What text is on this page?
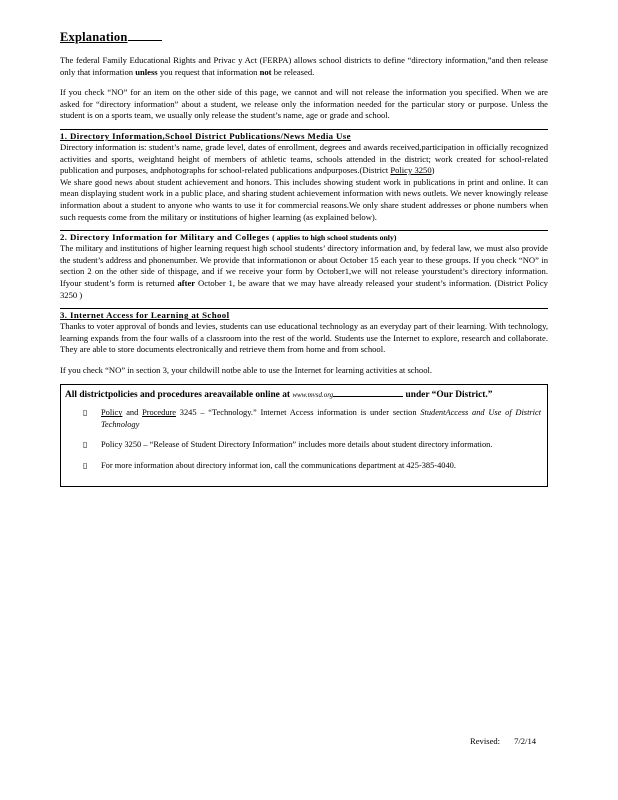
Explanation

The federal Family Educational Rights and Privac y Act (FERPA) allows school districts to define “directory information,”and then release only that information unless you request that information not be released.

If you check “NO” for an item on the other side of this page, we cannot and will not release the information you specified. When we are asked for “directory information” about a student, we release only the information needed for the particular story or purpose. Unless the student is on a sports team, we usually only release the student’s name, age or grade and school.

1. Directory Information,School District Publications/News Media Use

Directory information is: student’s name, grade level, dates of enrollment, degrees and awards received,participation in officially recognized activities and sports, weightand height of members of athletic teams, schools attended in the district; work created for school-related publication and purposes, andphotographs for school-related publications andpurposes.(District Policy 3250)

We share good news about student achievement and honors. This includes showing student work in publications in print and online. It can mean displaying student work in a public place, and sharing student achievement information with news outlets. We never knowingly release information about a student to anyone who wants to use it for commercial reasons.We only share student addresses or phone numbers when such requests come from the military or institutions of higher learning (as explained below).

2. Directory Information for Military and Colleges ( applies to high school students only)

The military and institutions of higher learning request high school students’ directory information and, by federal law, we must also provide the student’s address and phonenumber. We provide that informationon or about October 15 each year to these groups. If you check “NO” in section 2 on the other side of thispage, and if we receive your form by October1,we will not release yourstudent’s directory information. Ifyour student’s form is returned after October 1, be aware that we may have already released your student’s information. (District Policy 3250 )

3. Internet Access for Learning at School

Thanks to voter approval of bonds and levies, students can use educational technology as an everyday part of their learning. With technology, learning expands from the four walls of a classroom into the rest of the world. Students use the Internet to explore, research and collaborate. They are able to store documents electronically and retrieve them from home and from school.

If you check “NO” in section 3, your childwill notbe able to use the Internet for learning activities at school.

All districtpolicies and procedures areavailable online at www.mvsd.org	under “Our District.”
▯ Policy and Procedure 3245 – “Technology.” Internet Access information is under section StudentAccess and Use of District Technology
▯ Policy 3250 – “Release of Student Directory Information” includes more details about student directory information.
▯ For more information about directory informat ion, call the communications department at 425-385-4040.
Revised: 7/2/14
